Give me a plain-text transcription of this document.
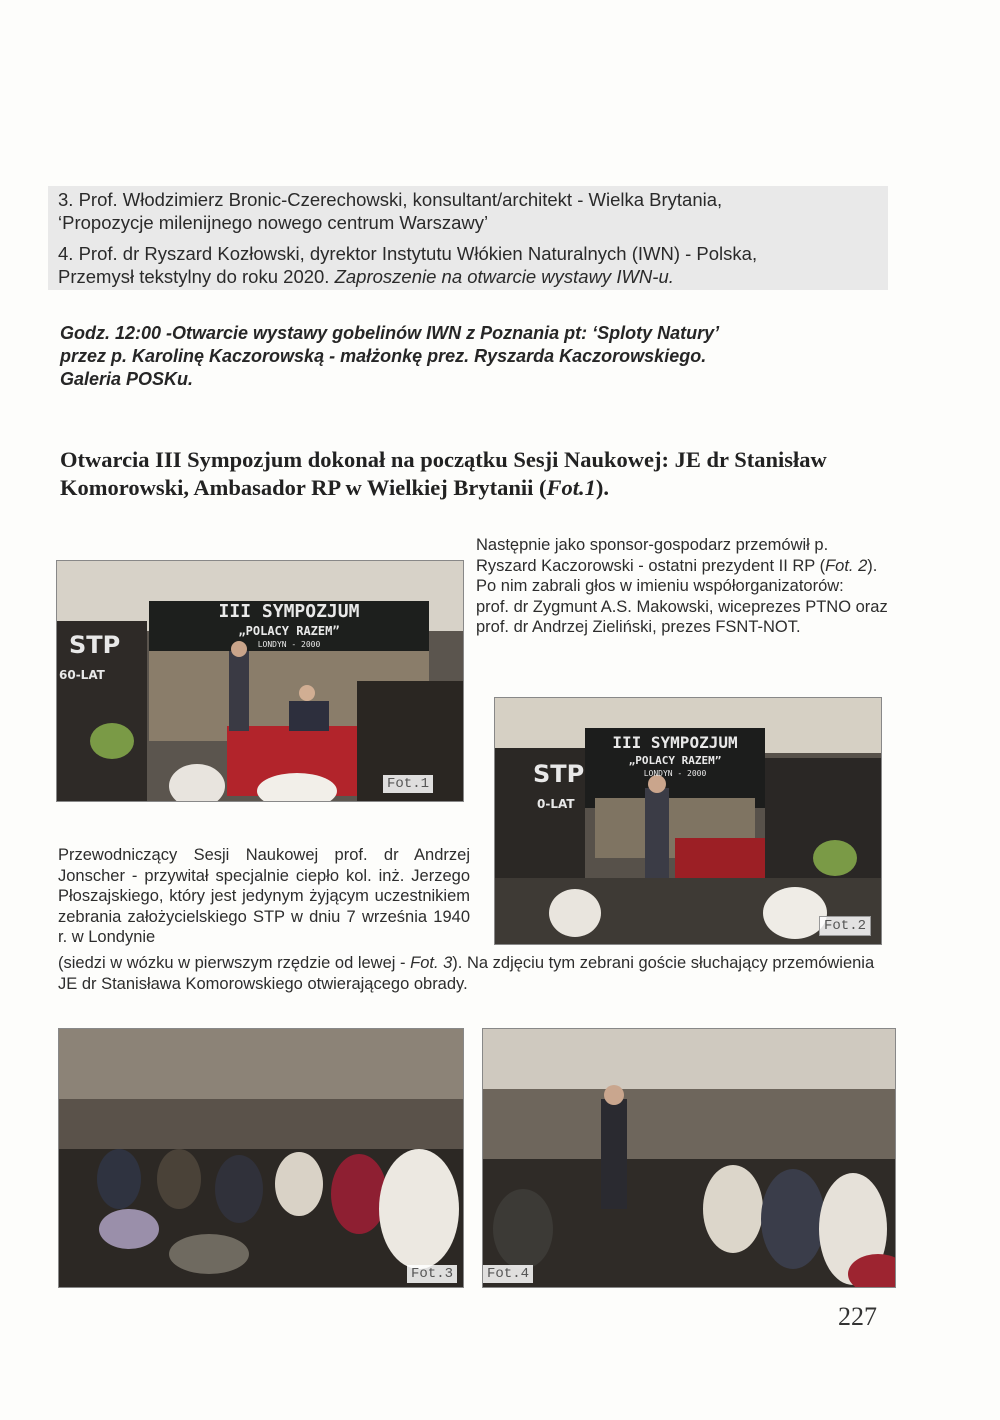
3. Prof. Włodzimierz Bronic-Czerechowski, konsultant/architekt - Wielka Brytania,
‘Propozycje milenijnego nowego centrum Warszawy’

4. Prof. dr Ryszard Kozłowski, dyrektor Instytutu Włókien Naturalnych (IWN) - Polska,
Przemysł tekstylny do roku 2020. Zaproszenie na otwarcie wystawy IWN-u.

Godz. 12:00 -Otwarcie wystawy gobelinów IWN z Poznania pt: ‘Sploty Natury’
przez p. Karolinę Kaczorowską - małżonkę prez. Ryszarda Kaczorowskiego.
Galeria POSKu.
Otwarcia III Sympozjum dokonał na początku Sesji Naukowej: JE dr Stanisław Komorowski, Ambasador RP w Wielkiej Brytanii (Fot.1).
STP
60-LAT
III SYMPOZJUM
„POLACY RAZEM”
LONDYN - 2000
Fot.1
Następnie jako sponsor-gospodarz przemówił p. Ryszard Kaczorowski - ostatni prezydent II RP (Fot. 2). Po nim zabrali głos w imieniu współorganizatorów:
prof. dr Zygmunt A.S. Makowski, wiceprezes PTNO oraz prof. dr Andrzej Zieliński, prezes FSNT-NOT.
STP
0-LAT
III SYMPOZJUM
„POLACY RAZEM”
LONDYN - 2000
Fot.2
Przewodniczący Sesji Naukowej prof. dr Andrzej Jonscher - przywitał specjalnie ciepło kol. inż. Jerzego Płoszajskiego, który jest jedynym żyjącym uczestnikiem zebrania założycielskiego STP w dniu 7 września 1940 r. w Londynie
(siedzi w wózku w pierwszym rzędzie od lewej - Fot. 3). Na zdjęciu tym zebrani goście słuchający przemówienia JE dr Stanisława Komorowskiego otwierającego obrady.
Fot.3 Fot.4
227
